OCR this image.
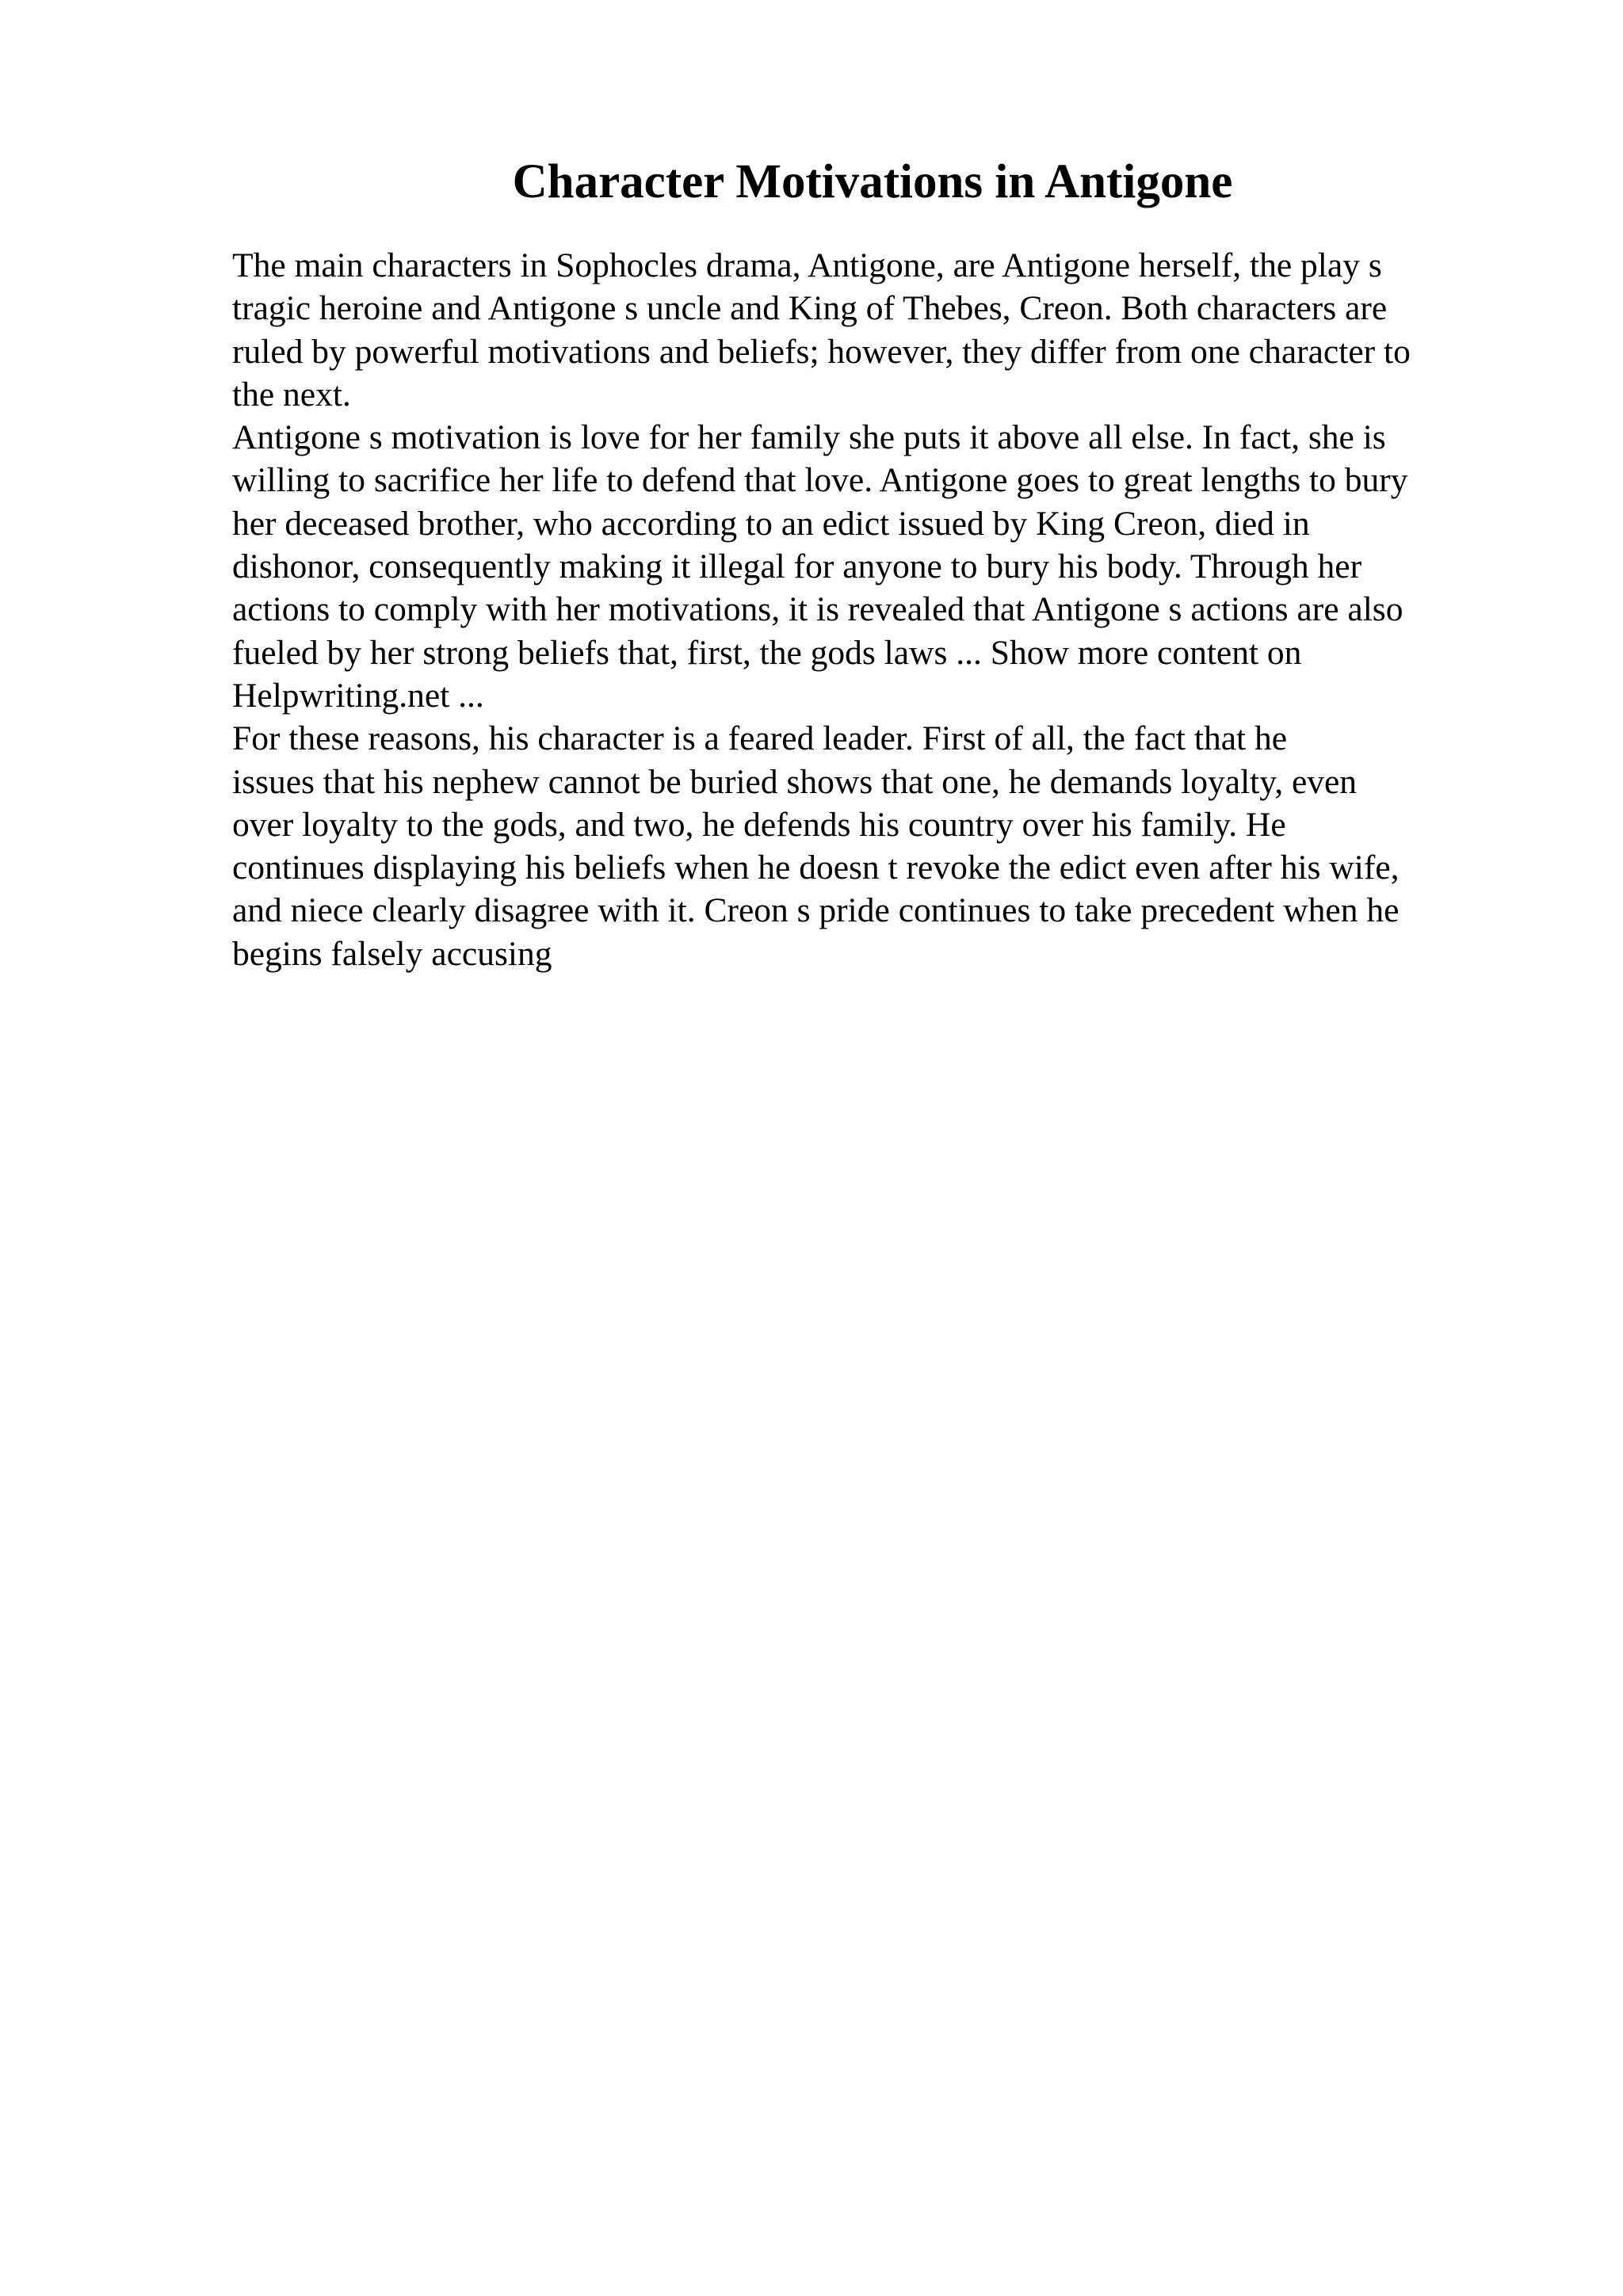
Character Motivations in Antigone
The main characters in Sophocles drama, Antigone, are Antigone herself, the play s
tragic heroine and Antigone s uncle and King of Thebes, Creon. Both characters are
ruled by powerful motivations and beliefs; however, they differ from one character to
the next.
Antigone s motivation is love for her family she puts it above all else. In fact, she is
willing to sacrifice her life to defend that love. Antigone goes to great lengths to bury
her deceased brother, who according to an edict issued by King Creon, died in
dishonor, consequently making it illegal for anyone to bury his body. Through her
actions to comply with her motivations, it is revealed that Antigone s actions are also
fueled by her strong beliefs that, first, the gods laws ... Show more content on
Helpwriting.net ...
For these reasons, his character is a feared leader. First of all, the fact that he
issues that his nephew cannot be buried shows that one, he demands loyalty, even
over loyalty to the gods, and two, he defends his country over his family. He
continues displaying his beliefs when he doesn t revoke the edict even after his wife,
and niece clearly disagree with it. Creon s pride continues to take precedent when he
begins falsely accusing
